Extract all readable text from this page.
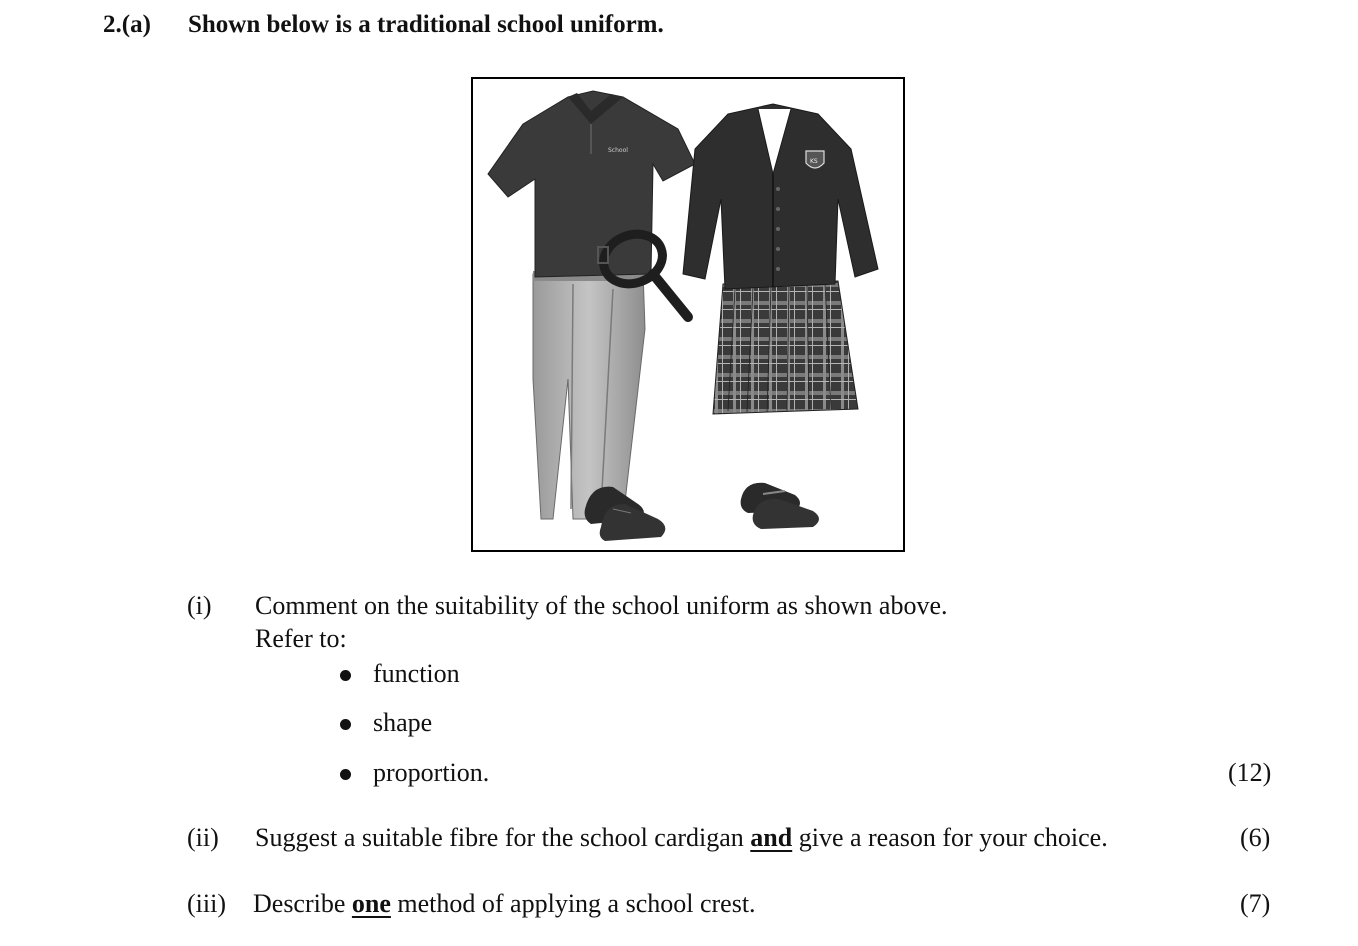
2.(a) Shown below is a traditional school uniform.
School
KS
(i) Comment on the suitability of the school uniform as shown above.
Refer to:
function
shape
proportion.	(12)
(ii) Suggest a suitable fibre for the school cardigan and give a reason for your choice.	(6)
(iii) Describe one method of applying a school crest.	(7)
